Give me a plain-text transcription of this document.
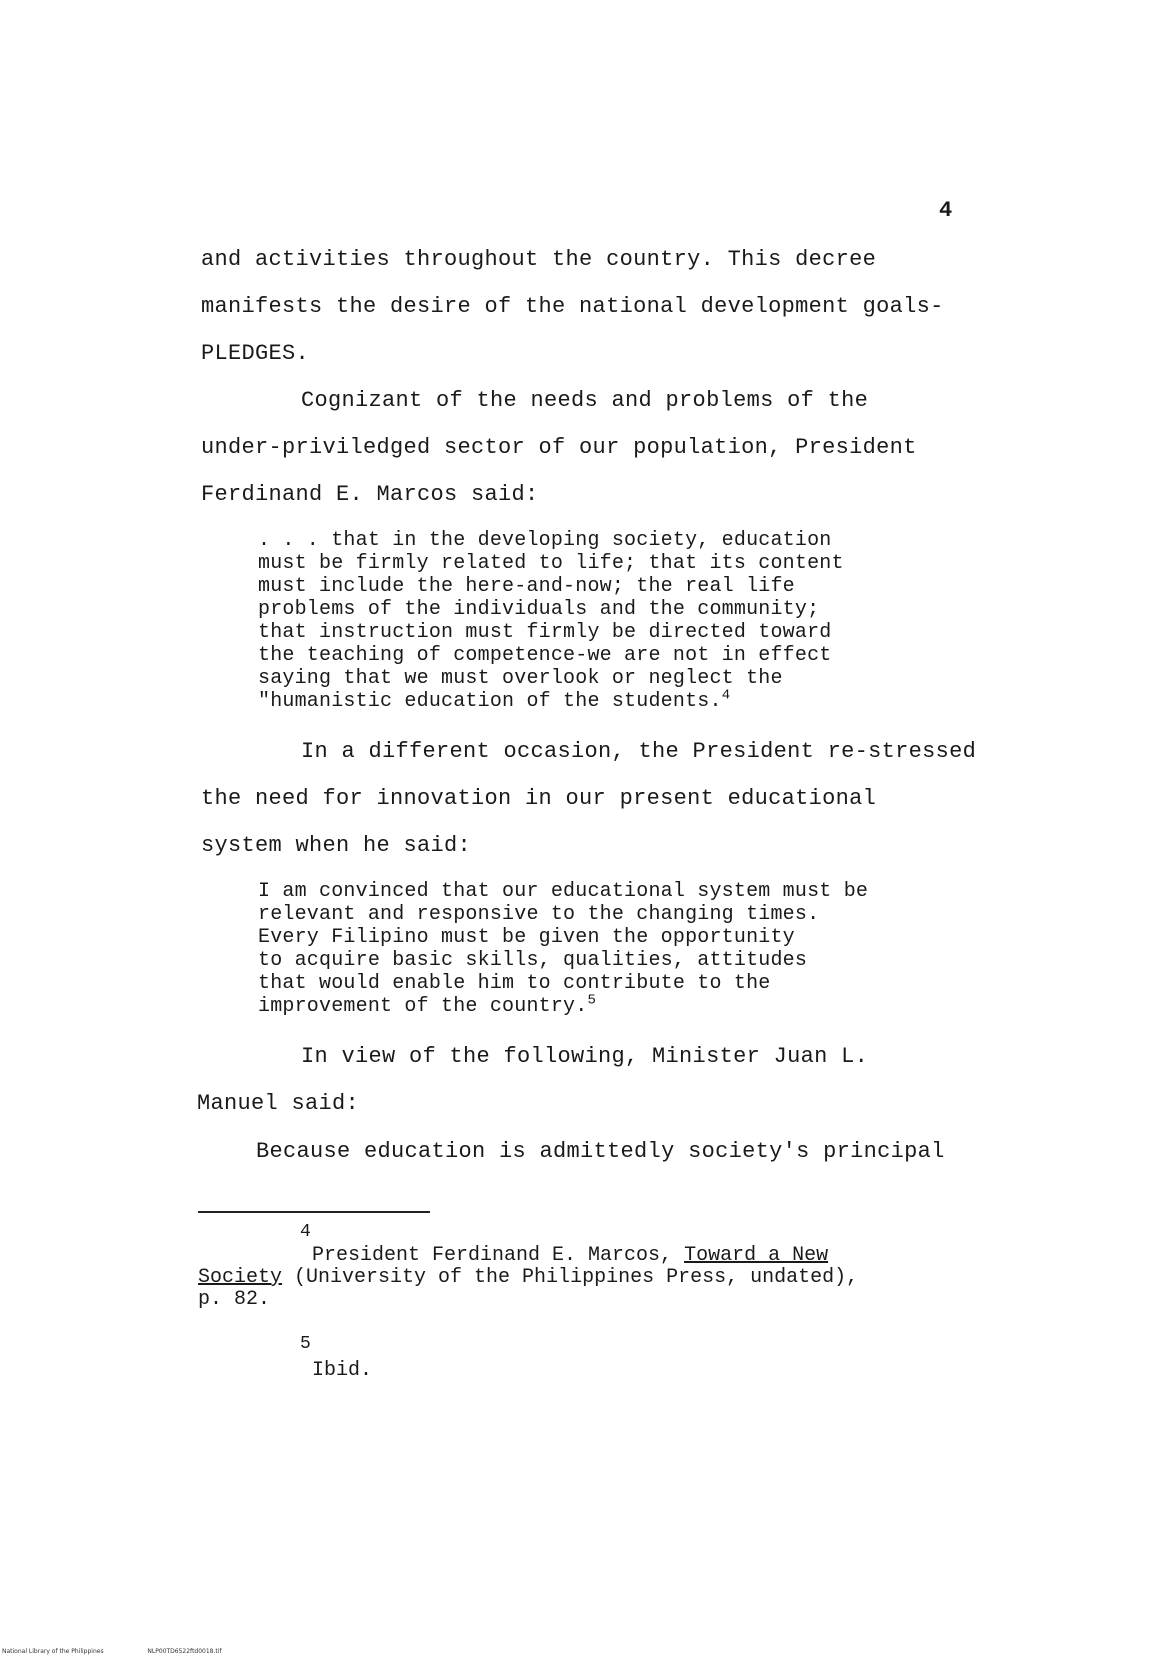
4
and activities throughout the country. This decree
manifests the desire of the national development goals-
PLEDGES.
Cognizant of the needs and problems of the
under-priviledged sector of our population, President
Ferdinand E. Marcos said:
. . . that in the developing society, education
must be firmly related to life; that its content
must include the here-and-now; the real life
problems of the individuals and the community;
that instruction must firmly be directed toward
the teaching of competence-we are not in effect
saying that we must overlook or neglect the
"humanistic education of the students.$^4$
In a different occasion, the President re-stressed
the need for innovation in our present educational
system when he said:
I am convinced that our educational system must be
relevant and responsive to the changing times.
Every Filipino must be given the opportunity
to acquire basic skills, qualities, attitudes
that would enable him to contribute to the
improvement of the country.$^5$
In view of the following, Minister Juan L.
Manuel said:
Because education is admittedly society's principal
4
President Ferdinand E. Marcos, Toward a New
Society (University of the Philippines Press, undated),
p. 82.
5
Ibid.
National Library of the Philippines	NLP00TD6522ftd0018.tif
